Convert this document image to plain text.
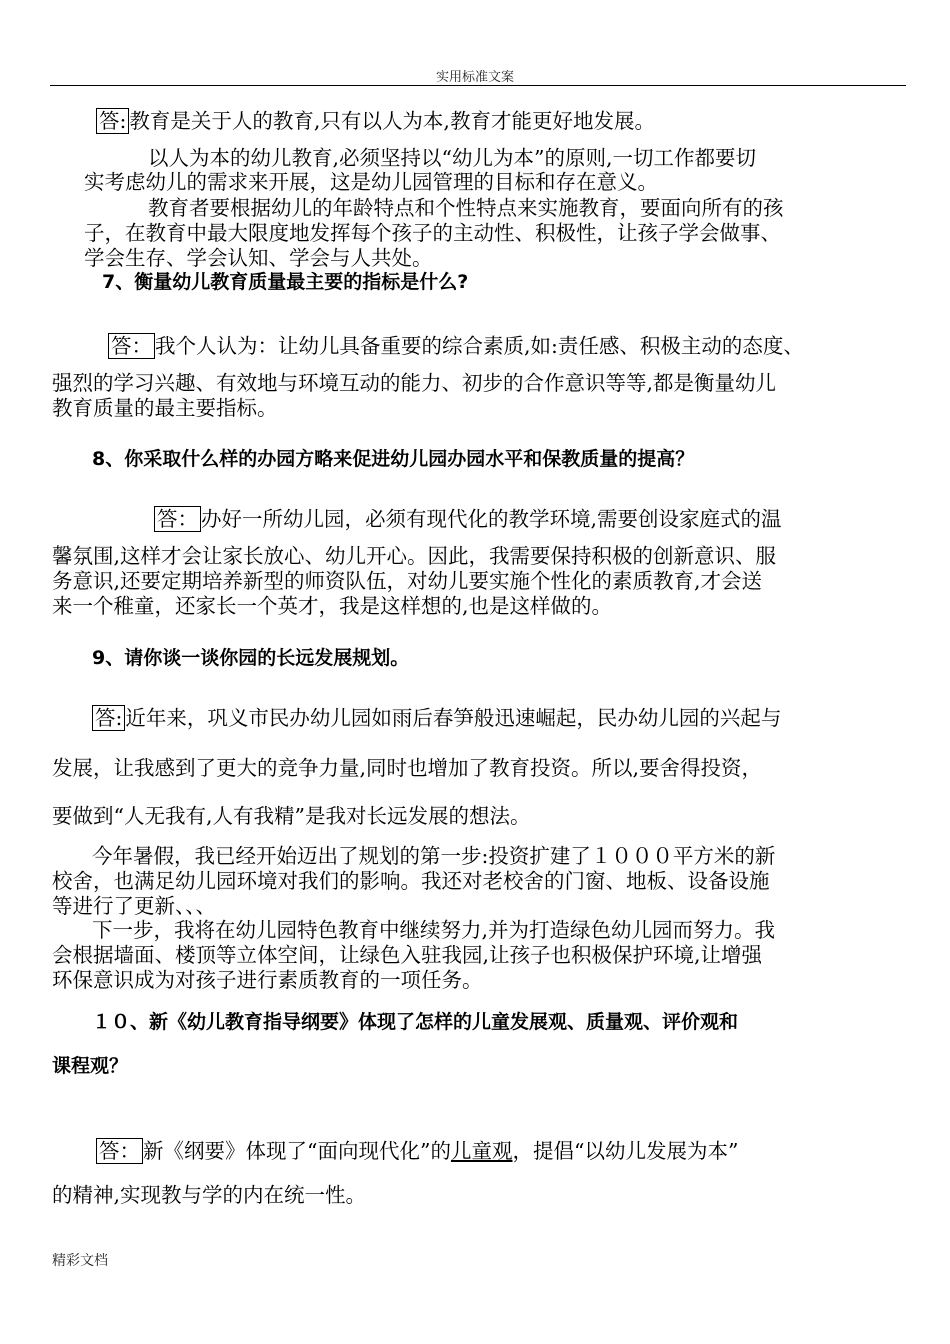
实用标准文案
答: 教育是关于人的教育,只有以人为本,教育才能更好地发展。
以人为本的幼儿教育,必须坚持以“幼儿为本”的原则,一切工作都要切
实考虑幼儿的需求来开展，这是幼儿园管理的目标和存在意义。
教育者要根据幼儿的年龄特点和个性特点来实施教育，要面向所有的孩
子，在教育中最大限度地发挥每个孩子的主动性、积极性，让孩子学会做事、
学会生存、学会认知、学会与人共处。
7、衡量幼儿教育质量最主要的指标是什么?
答： 我个人认为：让幼儿具备重要的综合素质,如:责任感、积极主动的态度、
强烈的学习兴趣、有效地与环境互动的能力、初步的合作意识等等,都是衡量幼儿
教育质量的最主要指标。
8、你采取什么样的办园方略来促进幼儿园办园水平和保教质量的提高？
答： 办好一所幼儿园，必须有现代化的教学环境,需要创设家庭式的温
馨氛围,这样才会让家长放心、幼儿开心。因此，我需要保持积极的创新意识、服
务意识,还要定期培养新型的师资队伍，对幼儿要实施个性化的素质教育,才会送
来一个稚童，还家长一个英才，我是这样想的,也是这样做的。
9、请你谈一谈你园的长远发展规划。
答: 近年来，巩义市民办幼儿园如雨后春笋般迅速崛起，民办幼儿园的兴起与
发展，让我感到了更大的竞争力量,同时也增加了教育投资。所以,要舍得投资，
要做到“人无我有,人有我精”是我对长远发展的想法。
今年暑假，我已经开始迈出了规划的第一步:投资扩建了１０００平方米的新
校舍，也满足幼儿园环境对我们的影响。我还对老校舍的门窗、地板、设备设施
等进行了更新、、、
下一步，我将在幼儿园特色教育中继续努力,并为打造绿色幼儿园而努力。我
会根据墙面、楼顶等立体空间，让绿色入驻我园,让孩子也积极保护环境,让增强
环保意识成为对孩子进行素质教育的一项任务。
１０、新《幼儿教育指导纲要》体现了怎样的儿童发展观、质量观、评价观和
课程观？
答： 新《纲要》体现了“面向现代化”的儿童观，提倡“以幼儿发展为本”
的精神,实现教与学的内在统一性。
精彩文档
